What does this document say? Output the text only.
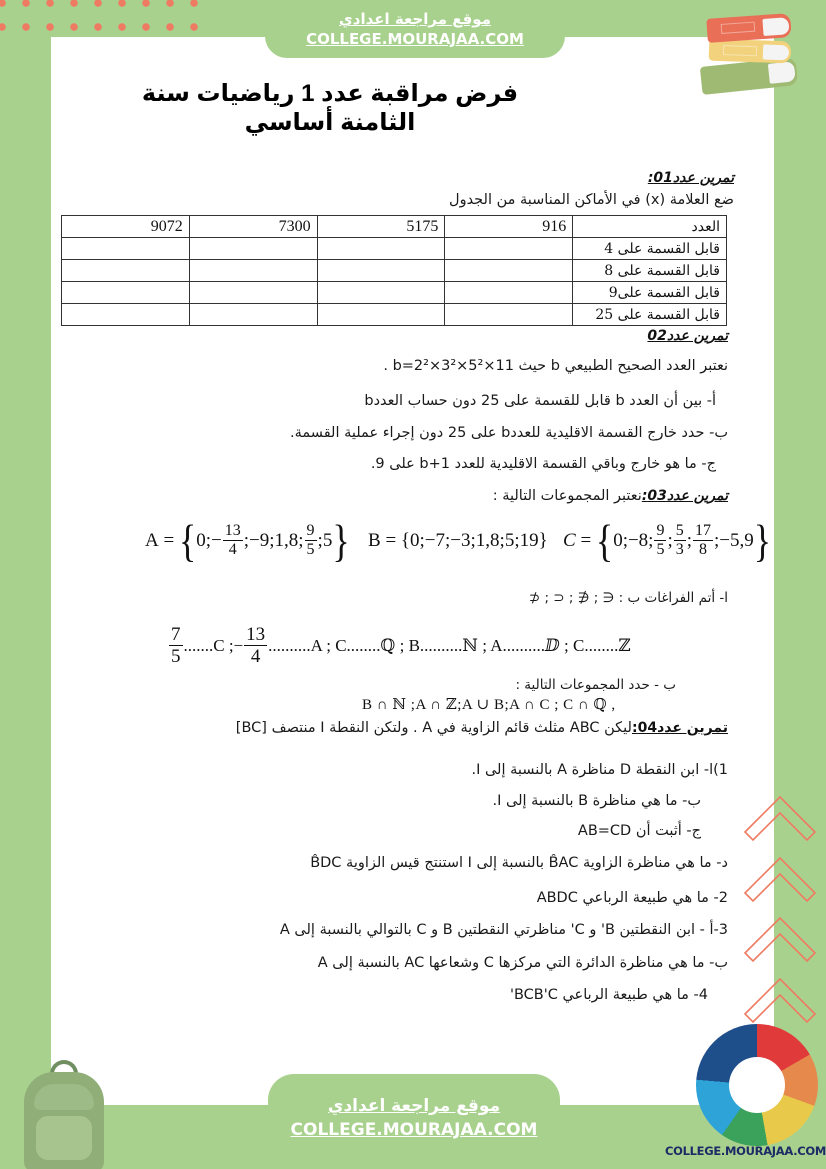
موقع مراجعة اعدادي
COLLEGE.MOURAJAA.COM
فرض مراقبة عدد 1 رياضيات سنة الثامنة أساسي
تمرين عدد01:
ضع العلامة (x) في الأماكن المناسبة من الجدول
9072	7300	5175	916	العدد
				قابل القسمة على 4
				قابل القسمة على 8
				قابل القسمة على9
				قابل القسمة على 25
تمرين عدد02
نعتبر العدد الصحيح الطبيعي b حيث b=2²×3²×5²×11 .
أ- بين أن العدد b قابل للقسمة على 25 دون حساب العددb
ب- حدد خارج القسمة الاقليدية للعددb على 25 دون إجراء عملية القسمة.
ج- ما هو خارج وباقي القسمة الاقليدية للعدد b+1 على 9.
تمرين عدد03:نعتبر المجموعات التالية :
A = { 0;− $\frac{13}{4}$ ;−9;1,8; $\frac{9}{5}$ ;5 } B = { 0;−7;−3;1,8;5;19 } C = { 0;−8; $\frac{9}{5}$ ; $\frac{5}{3}$ ; $\frac{17}{8}$ ;−5,9 }
ا- أتم الفراغات ب : ∈ ; ∉ ; ⊂ ; ⊄
$\frac{7}{5} .......C$ ;− $\frac{13}{4} ..........A$ ; C........ℚ ; B..........ℕ ; A..........ⅅ ; C........ℤ
ب - حدد المجموعات التالية :
B ∩ ℕ ;A ∩ ℤ;A ∪ B;A ∩ C ; C ∩ ℚ ,
تمرين عدد04:ليكن ABC مثلث قائم الزاوية في A . ولتكن النقطة I منتصف [BC]
1)ا- ابن النقطة D مناظرة A بالنسبة إلى I.
ب- ما هي مناظرة B بالنسبة إلى I.
ج- أثبت أن AB=CD
د- ما هي مناظرة الزاوية B̂AC بالنسبة إلى I استنتج قيس الزاوية B̂DC
2- ما هي طبيعة الرباعي ABDC
3-أ - ابن النقطتين B' و C' مناظرتي النقطتين B و C بالتوالي بالنسبة إلى A
ب- ما هي مناظرة الدائرة التي مركزها C وشعاعها AC بالنسبة إلى A
4- ما هي طبيعة الرباعي BCB'C'
COLLEGE.MOURAJAA.COM
موقع مراجعة اعدادي
COLLEGE.MOURAJAA.COM
